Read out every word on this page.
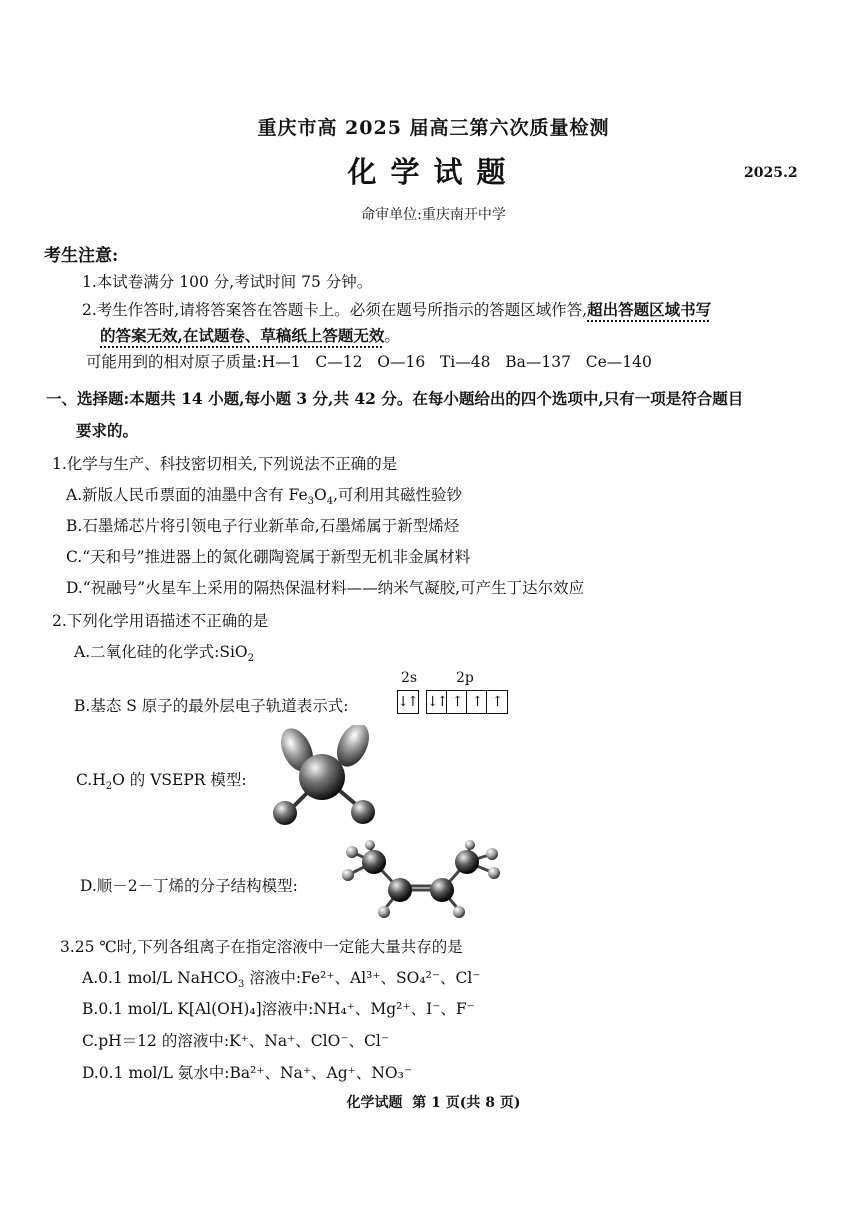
重庆市高 2025 届高三第六次质量检测
化学试题	2025.2
命审单位:重庆南开中学
考生注意:
1.本试卷满分 100 分,考试时间 75 分钟。
2.考生作答时,请将答案答在答题卡上。必须在题号所指示的答题区域作答,超出答题区域书写
的答案无效,在试题卷、草稿纸上答题无效。
可能用到的相对原子质量:H—1   C—12   O—16   Ti—48   Ba—137   Ce—140
一、选择题:本题共 14 小题,每小题 3 分,共 42 分。在每小题给出的四个选项中,只有一项是符合题目
要求的。
1.化学与生产、科技密切相关,下列说法不正确的是
A.新版人民币票面的油墨中含有 $Fe_3O_4$,可利用其磁性验钞
B.石墨烯芯片将引领电子行业新革命,石墨烯属于新型烯烃
C.“天和号”推进器上的氮化硼陶瓷属于新型无机非金属材料
D.“祝融号”火星车上采用的隔热保温材料——纳米气凝胶,可产生丁达尔效应
2.下列化学用语描述不正确的是
A.二氧化硅的化学式:SiO$_2$
2s	2p
B.基态 S 原子的最外层电子轨道表示式:	↓↑ ↓↑ ↑ ↑ ↑
$C.H_2O$ 的 VSEPR 模型:
D.顺－2－丁烯的分子结构模型:
3.25 ℃时,下列各组离子在指定溶液中一定能大量共存的是
A.0.1 mol/L NaHCO$_3$ 溶液中:Fe²⁺、Al³⁺、SO₄²⁻、Cl⁻
B.0.1 mol/L K[Al(OH)₄]溶液中:NH₄⁺、Mg²⁺、I⁻、F⁻
C.pH＝12 的溶液中:K⁺、Na⁺、ClO⁻、Cl⁻
D.0.1 mol/L 氨水中:Ba²⁺、Na⁺、Ag⁺、NO₃⁻
化学试题  第 1 页(共 8 页)
